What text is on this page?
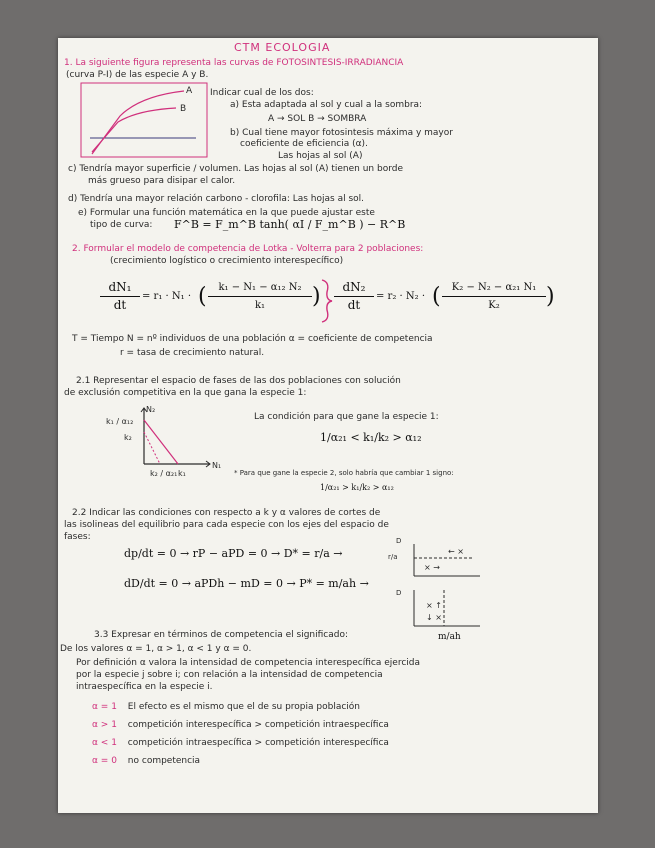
CTM ECOLOGIA
1. La siguiente figura representa las curvas de FOTOSINTESIS-IRRADIANCIA
(curva P-I) de las especie A y B.
A
B
Indicar cual de los dos:
a) Esta adaptada al sol y cual a la sombra:
A → SOL B → SOMBRA
b) Cual tiene mayor fotosintesis máxima y mayor
coeficiente de eficiencia (α).
Las hojas al sol (A)
c) Tendría mayor superficie / volumen. Las hojas al sol (A) tienen un borde
más grueso para disipar el calor.
d) Tendría una mayor relación carbono - clorofila: Las hojas al sol.
e) Formular una función matemática en la que puede ajustar este
tipo de curva: F^B = F_m^B tanh( αI / F_m^B ) − R^B
2. Formular el modelo de competencia de Lotka - Volterra para 2 poblaciones:
(crecimiento logístico o crecimiento interespecífico)
dN₁
dt
= r₁ · N₁ · (	k₁ − N₁ − α₁₂ N₂
k₁	)	dN₂
dt
= r₂ · N₂ · (	K₂ − N₂ − α₂₁ N₁
K₂	)
T = Tiempo N = nº individuos de una población α = coeficiente de competencia
r = tasa de crecimiento natural.
2.1 Representar el espacio de fases de las dos poblaciones con solución
de exclusión competitiva en la que gana la especie 1:
N₂
k₁ / α₁₂
k₂
N₁
k₂ / α₂₁ k₁
La condición para que gane la especie 1:
1/α₂₁ < k₁/k₂ > α₁₂
* Para que gane la especie 2, solo habría que cambiar 1 signo:
1/α₂₁ > k₁/k₂ > α₁₂
2.2 Indicar las condiciones con respecto a k y α valores de cortes de
las isolineas del equilibrio para cada especie con los ejes del espacio de
fases:
dp/dt = 0 → rP − aPD = 0 → D* = r/a →
dD/dt = 0 → aPDh − mD = 0 → P* = m/ah →
← ×
× →
× ↑
↓ ×
D
r/a
D
m/ah
3.3 Expresar en términos de competencia el significado:
De los valores α = 1, α > 1, α < 1 y α = 0.
Por definición α valora la intensidad de competencia interespecífica ejercida
por la especie j sobre i; con relación a la intensidad de competencia
intraespecífica en la especie i.
α = 1 El efecto es el mismo que el de su propia población
α > 1 competición interespecífica > competición intraespecífica
α < 1 competición intraespecífica > competición interespecífica
α = 0 no competencia
